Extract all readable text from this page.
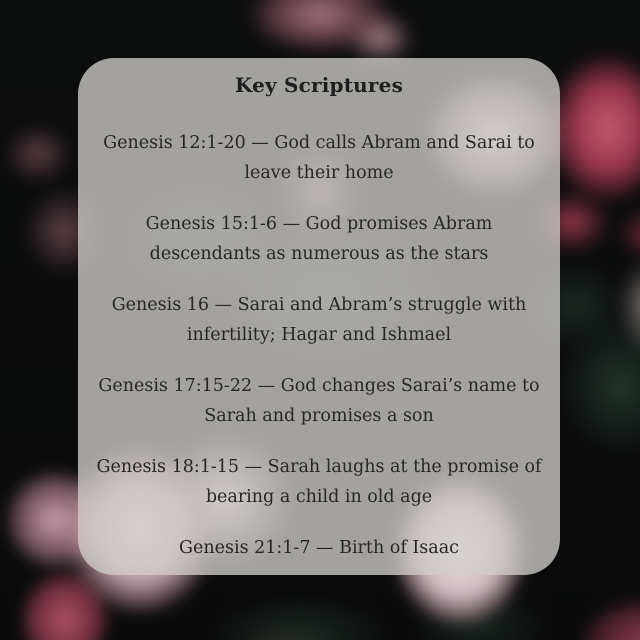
Key Scriptures
Genesis 12:1-20 — God calls Abram and Sarai to
leave their home
Genesis 15:1-6 — God promises Abram
descendants as numerous as the stars
Genesis 16 — Sarai and Abram’s struggle with
infertility; Hagar and Ishmael
Genesis 17:15-22 — God changes Sarai’s name to
Sarah and promises a son
Genesis 18:1-15 — Sarah laughs at the promise of
bearing a child in old age
Genesis 21:1-7 — Birth of Isaac
